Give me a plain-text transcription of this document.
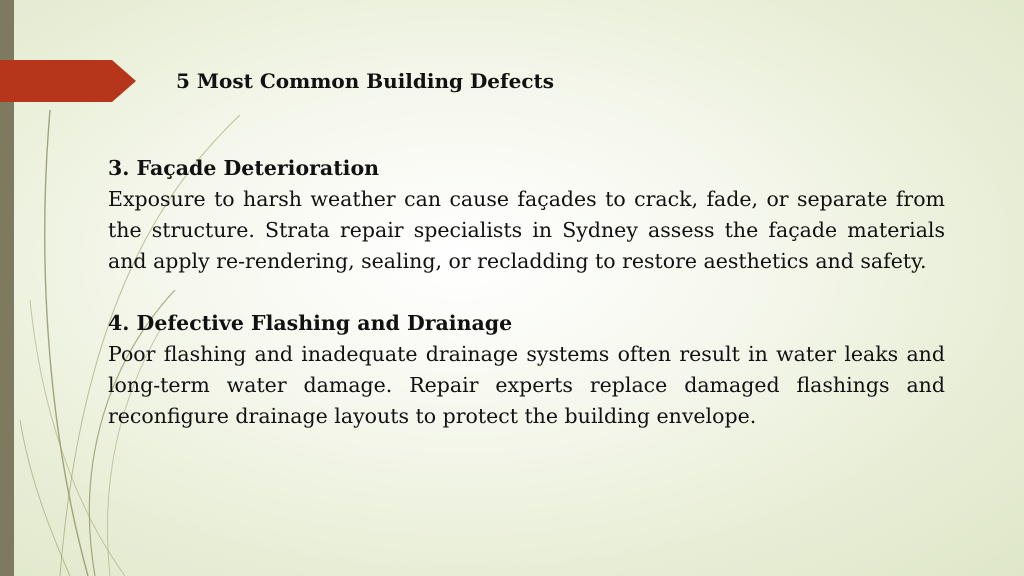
5 Most Common Building Defects

3. Façade Deterioration

Exposure to harsh weather can cause façades to crack, fade, or separate from the structure. Strata repair specialists in Sydney assess the façade materials and apply re-rendering, sealing, or recladding to restore aesthetics and safety.

4. Defective Flashing and Drainage

Poor flashing and inadequate drainage systems often result in water leaks and long-term water damage. Repair experts replace damaged flashings and reconfigure drainage layouts to protect the building envelope.
